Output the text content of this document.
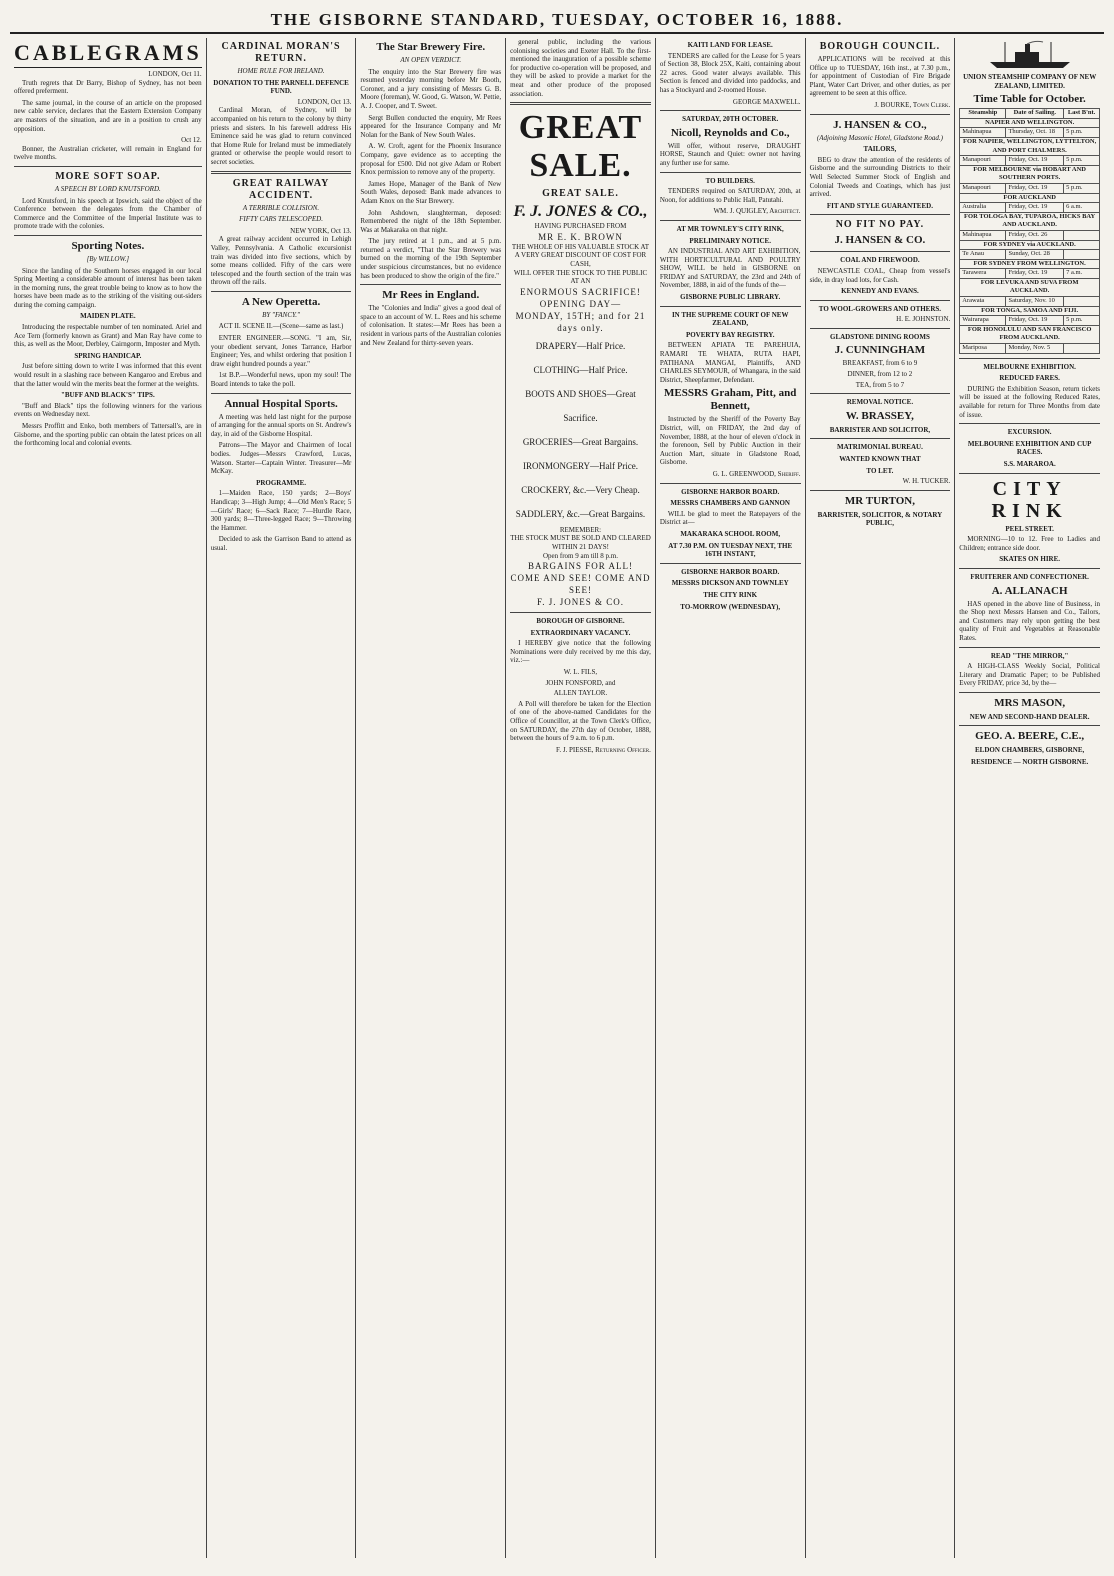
THE GISBORNE STANDARD, TUESDAY, OCTOBER 16, 1888.
CABLEGRAMS
LONDON, Oct 11.

Truth regrets that Dr Barry, Bishop of Sydney, has not been offered preferment.

The same journal, in the course of an article on the proposed new cable service, declares that the Eastern Extension Company are masters of the situation, and are in a position to crush any opposition.

Oct 12.

Bonner, the Australian cricketer, will remain in England for twelve months.

MORE SOFT SOAP.
A SPEECH BY LORD KNUTSFORD.

Lord Knutsford, in his speech at Ipswich, said the object of the Conference between the delegates from the Chamber of Commerce and the Committee of the Imperial Institute was to promote trade with the colonies.

Sporting Notes.
[By WILLOW.]

Since the landing of the Southern horses engaged in our local Spring Meeting a considerable amount of interest has been taken in the morning runs, the great trouble being to know as to how the horses have been made as to the striking of the visiting out-siders during the coming campaign.

MAIDEN PLATE.

Introducing the respectable number of ten nominated. Ariel and Ace Tern (formerly known as Grant) and Man Ray have come to this, as well as the Moor, Derbley, Cairngorm, Imposter and Myth.

SPRING HANDICAP.

Just before sitting down to write I was informed that this event would result in a slashing race between Kangaroo and Erebus and that the latter would win the merits beat the former at the weights.

"BUFF AND BLACK'S" TIPS.

"Buff and Black" tips the following winners for the various events on Wednesday next.

Messrs Proffitt and Enko, both members of Tattersall's, are in Gisborne, and the sporting public can obtain the latest prices on all the forthcoming local and colonial events.

CARDINAL MORAN'S RETURN.
HOME RULE FOR IRELAND.
DONATION TO THE PARNELL DEFENCE FUND.
LONDON, Oct 13.

Cardinal Moran, of Sydney, will be accompanied on his return to the colony by thirty priests and sisters. In his farewell address His Eminence said he was glad to return convinced that Home Rule for Ireland must be immediately granted or otherwise the people would resort to secret societies.

GREAT RAILWAY ACCIDENT.
A TERRIBLE COLLISION.
FIFTY CARS TELESCOPED.
NEW YORK, Oct 13.

A great railway accident occurred in Lehigh Valley, Pennsylvania. A Catholic excursionist train was divided into five sections, which by some means collided. Fifty of the cars were telescoped and the fourth section of the train was thrown off the rails.

A New Operetta.
BY "FANCY."

ACT II. SCENE II.—(Scene—same as last.)

ENTER ENGINEER.—SONG. "I am, Sir, your obedient servant, Jones Tarrance, Harbor Engineer; Yes, and whilst ordering that position I draw eight hundred pounds a year."

1st B.P.—Wonderful news, upon my soul! The Board intends to take the poll.

Annual Hospital Sports.

A meeting was held last night for the purpose of arranging for the annual sports on St. Andrew's day, in aid of the Gisborne Hospital.

Patrons—The Mayor and Chairmen of local bodies. Judges—Messrs Crawford, Lucas, Watson. Starter—Captain Winter. Treasurer—Mr McKay.

PROGRAMME.

1—Maiden Race, 150 yards; 2—Boys' Handicap; 3—High Jump; 4—Old Men's Race; 5—Girls' Race; 6—Sack Race; 7—Hurdle Race, 300 yards; 8—Three-legged Race; 9—Throwing the Hammer.

Decided to ask the Garrison Band to attend as usual.

The Star Brewery Fire.
AN OPEN VERDICT.

The enquiry into the Star Brewery fire was resumed yesterday morning before Mr Booth, Coroner, and a jury consisting of Messrs G. B. Moore (foreman), W. Good, G. Watson, W. Pettie, A. J. Cooper, and T. Sweet.

Sergt Bullen conducted the enquiry, Mr Rees appeared for the Insurance Company and Mr Nolan for the Bank of New South Wales.

A. W. Croft, agent for the Phoenix Insurance Company, gave evidence as to accepting the proposal for £500. Did not give Adam or Robert Knox permission to remove any of the property.

James Hope, Manager of the Bank of New South Wales, deposed: Bank made advances to Adam Knox on the Star Brewery.

John Ashdown, slaughterman, deposed: Remembered the night of the 18th September. Was at Makaraka on that night.

The jury retired at 1 p.m., and at 5 p.m. returned a verdict, "That the Star Brewery was burned on the morning of the 19th September under suspicious circumstances, but no evidence has been produced to show the origin of the fire."

Mr Rees in England.

The "Colonies and India" gives a good deal of space to an account of W. L. Rees and his scheme of colonisation. It states:—Mr Rees has been a resident in various parts of the Australian colonies and New Zealand for thirty-seven years.

general public, including the various colonising societies and Exeter Hall. To the first-mentioned the inauguration of a possible scheme for productive co-operation will be proposed, and they will be asked to provide a market for the meat and other produce of the proposed association.

GREAT SALE.
GREAT SALE.
F. J. JONES & CO.,
HAVING PURCHASED FROM
MR E. K. BROWN
THE WHOLE OF HIS VALUABLE STOCK AT A VERY GREAT DISCOUNT OF COST FOR CASH,
WILL OFFER THE STOCK TO THE PUBLIC AT AN
ENORMOUS SACRIFICE!
OPENING DAY—
MONDAY, 15TH; and for 21 days only.
DRAPERY—Half Price.
CLOTHING—Half Price.
BOOTS AND SHOES—Great Sacrifice.
GROCERIES—Great Bargains.
IRONMONGERY—Half Price.
CROCKERY, &c.—Very Cheap.
SADDLERY, &c.—Great Bargains.
REMEMBER:
THE STOCK MUST BE SOLD AND CLEARED WITHIN 21 DAYS!
Open from 9 am till 8 p.m.
BARGAINS FOR ALL!
COME AND SEE! COME AND SEE!
F. J. JONES & CO.
BOROUGH OF GISBORNE.
EXTRAORDINARY VACANCY.

I HEREBY give notice that the following Nominations were duly received by me this day, viz.:—

W. L. FILS,
JOHN FONSFORD, and
ALLEN TAYLOR.

A Poll will therefore be taken for the Election of one of the above-named Candidates for the Office of Councillor, at the Town Clerk's Office, on SATURDAY, the 27th day of October, 1888, between the hours of 9 a.m. to 6 p.m.

F. J. PIESSE, Returning Officer.
KAITI LAND FOR LEASE.

TENDERS are called for the Lease for 5 years of Section 38, Block 25X, Kaiti, containing about 22 acres. Good water always available. This Section is fenced and divided into paddocks, and has a Stockyard and 2-roomed House.

GEORGE MAXWELL.
SATURDAY, 20TH OCTOBER.
Nicoll, Reynolds and Co.,

Will offer, without reserve, DRAUGHT HORSE, Staunch and Quiet: owner not having any further use for same.

TO BUILDERS.

TENDERS required on SATURDAY, 20th, at Noon, for additions to Public Hall, Patutahi.

WM. J. QUIGLEY, Architect.
AT MR TOWNLEY'S CITY RINK,
PRELIMINARY NOTICE.

AN INDUSTRIAL AND ART EXHIBITION, WITH HORTICULTURAL AND POULTRY SHOW, WILL be held in GISBORNE on FRIDAY and SATURDAY, the 23rd and 24th of November, 1888, in aid of the funds of the—

GISBORNE PUBLIC LIBRARY.
IN THE SUPREME COURT OF NEW ZEALAND,
POVERTY BAY REGISTRY.

BETWEEN APIATA TE PAREHUIA, RAMARI TE WHATA, RUTA HAPI, PATIHANA MANGAI, Plaintiffs, AND CHARLES SEYMOUR, of Whangara, in the said District, Sheepfarmer, Defendant.

MESSRS Graham, Pitt, and Bennett,

Instructed by the Sheriff of the Poverty Bay District, will, on FRIDAY, the 2nd day of November, 1888, at the hour of eleven o'clock in the forenoon, Sell by Public Auction in their Auction Mart, situate in Gladstone Road, Gisborne.

G. L. GREENWOOD, Sheriff.
GISBORNE HARBOR BOARD.
MESSRS CHAMBERS AND GANNON

WILL be glad to meet the Ratepayers of the District at—

MAKARAKA SCHOOL ROOM,
AT 7.30 P.M. ON TUESDAY NEXT, THE 16TH INSTANT,
GISBORNE HARBOR BOARD.
MESSRS DICKSON AND TOWNLEY
THE CITY RINK
TO-MORROW (WEDNESDAY),
BOROUGH COUNCIL.

APPLICATIONS will be received at this Office up to TUESDAY, 16th inst., at 7.30 p.m., for appointment of Custodian of Fire Brigade Plant, Water Cart Driver, and other duties, as per agreement to be seen at this office.

J. BOURKE, Town Clerk.
J. HANSEN & CO.,
(Adjoining Masonic Hotel, Gladstone Road.)
TAILORS,

BEG to draw the attention of the residents of Gisborne and the surrounding Districts to their Well Selected Summer Stock of English and Colonial Tweeds and Coatings, which has just arrived.

FIT AND STYLE GUARANTEED.
NO FIT NO PAY.
J. HANSEN & CO.
COAL AND FIREWOOD.

NEWCASTLE COAL, Cheap from vessel's side, in dray load lots, for Cash.

KENNEDY AND EVANS.
TO WOOL-GROWERS AND OTHERS.
H. E. JOHNSTON.
GLADSTONE DINING ROOMS
J. CUNNINGHAM
BREAKFAST, from 6 to 9
DINNER, from 12 to 2
TEA, from 5 to 7
REMOVAL NOTICE.
W. BRASSEY,
BARRISTER AND SOLICITOR,
MATRIMONIAL BUREAU.
WANTED KNOWN THAT
TO LET.
W. H. TUCKER.
MR TURTON,
BARRISTER, SOLICITOR, & NOTARY PUBLIC,
UNION STEAMSHIP COMPANY OF NEW ZEALAND, LIMITED.
Time Table for October.
Steamship	Date of Sailing.	Last B'nt.
NAPIER AND WELLINGTON.		
Mahinapua	Thursday, Oct. 18	5 p.m.
FOR NAPIER, WELLINGTON, LYTTELTON, AND PORT CHALMERS.		
Manapouri	Friday, Oct. 19	5 p.m.
FOR MELBOURNE via HOBART AND SOUTHERN PORTS.		
Manapouri	Friday, Oct. 19	5 p.m.
FOR AUCKLAND		
Australia	Friday, Oct. 19	6 a.m.
FOR TOLOGA BAY, TUPAROA, HICKS BAY AND AUCKLAND.		
Mahinapua	Friday, Oct. 26	
FOR SYDNEY via AUCKLAND.		
Te Anau	Sunday, Oct. 28	
FOR SYDNEY FROM WELLINGTON.		
Tarawera	Friday, Oct. 19	7 a.m.
FOR LEVUKA AND SUVA FROM AUCKLAND.		
Arawata	Saturday, Nov. 10	
FOR TONGA, SAMOA AND FIJI.		
Wairarapa	Friday, Oct. 19	5 p.m.
FOR HONOLULU AND SAN FRANCISCO FROM AUCKLAND.		
Mariposa	Monday, Nov. 5	
MELBOURNE EXHIBITION.
REDUCED FARES.

DURING the Exhibition Season, return tickets will be issued at the following Reduced Rates, available for return for Three Months from date of issue.

EXCURSION.
MELBOURNE EXHIBITION AND CUP RACES.
S.S. MARAROA.
CITY RINK
PEEL STREET.

MORNING—10 to 12. Free to Ladies and Children; entrance side door.

SKATES ON HIRE.
FRUITERER AND CONFECTIONER.
A. ALLANACH

HAS opened in the above line of Business, in the Shop next Messrs Hansen and Co., Tailors, and Customers may rely upon getting the best quality of Fruit and Vegetables at Reasonable Rates.

READ "THE MIRROR,"

A HIGH-CLASS Weekly Social, Political Literary and Dramatic Paper; to be Published Every FRIDAY, price 3d, by the—

MRS MASON,
NEW AND SECOND-HAND DEALER.
GEO. A. BEERE, C.E.,
ELDON CHAMBERS, GISBORNE,
RESIDENCE — NORTH GISBORNE.
